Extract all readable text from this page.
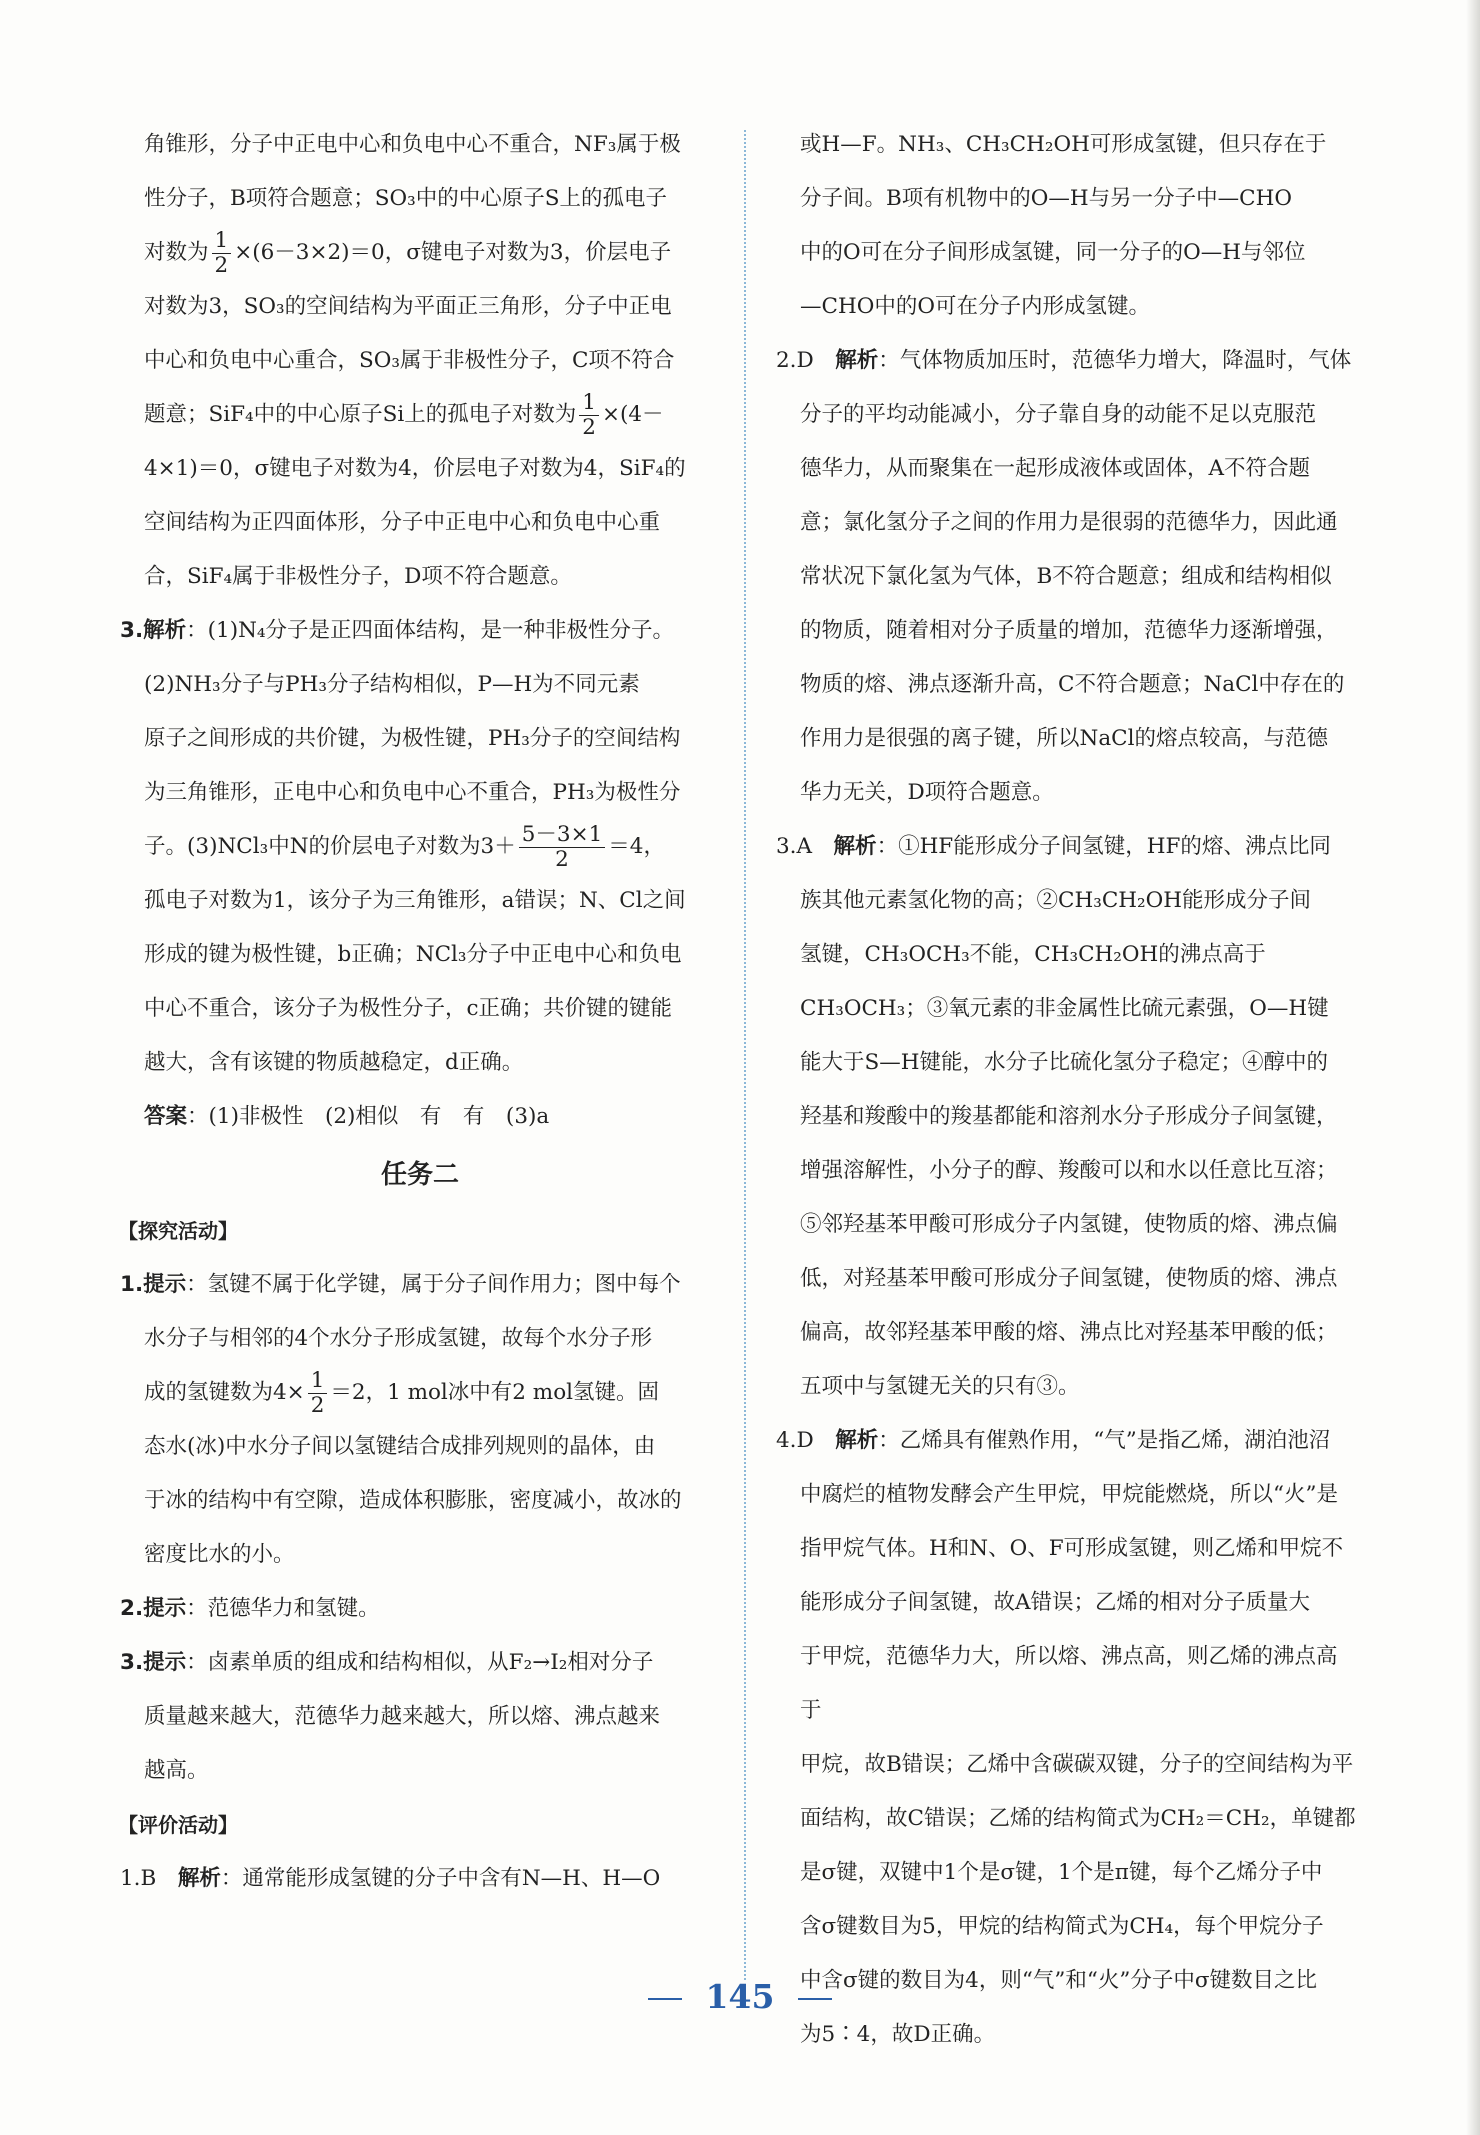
角锥形，分子中正电中心和负电中心不重合，NF₃属于极

性分子，B项符合题意；SO₃中的中心原子S上的孤电子

对数为 $\frac{1}{2} \times(6-3\times 2)=0$，σ键电子对数为3，价层电子

对数为3，SO₃的空间结构为平面正三角形，分子中正电

中心和负电中心重合，SO₃属于非极性分子，C项不符合

题意；SiF₄中的中心原子Si上的孤电子对数为 $\frac{1}{2} \times(4-$

4×1)＝0，σ键电子对数为4，价层电子对数为4，SiF₄的

空间结构为正四面体形，分子中正电中心和负电中心重

合，SiF₄属于非极性分子，D项不符合题意。

3.解析：(1)N₄分子是正四面体结构，是一种非极性分子。

(2)NH₃分子与PH₃分子结构相似，P—H为不同元素

原子之间形成的共价键，为极性键，PH₃分子的空间结构

为三角锥形，正电中心和负电中心不重合，PH₃为极性分

子。(3)NCl₃中N的价层电子对数为$3+ \frac{5-3\times 1}{2} =4$，

孤电子对数为1，该分子为三角锥形，a错误；N、Cl之间

形成的键为极性键，b正确；NCl₃分子中正电中心和负电

中心不重合，该分子为极性分子，c正确；共价键的键能

越大，含有该键的物质越稳定，d正确。

答案：(1)非极性　(2)相似　有　有　(3)a

任务二

【探究活动】

1.提示：氢键不属于化学键，属于分子间作用力；图中每个

水分子与相邻的4个水分子形成氢键，故每个水分子形

成的氢键数为$4\times \frac{1}{2} =2$，1 mol冰中有2 mol氢键。固

态水(冰)中水分子间以氢键结合成排列规则的晶体，由

于冰的结构中有空隙，造成体积膨胀，密度减小，故冰的

密度比水的小。

2.提示：范德华力和氢键。

3.提示：卤素单质的组成和结构相似，从F₂→I₂相对分子

质量越来越大，范德华力越来越大，所以熔、沸点越来

越高。

【评价活动】

1.B　解析：通常能形成氢键的分子中含有N—H、H—O

或H—F。NH₃、CH₃CH₂OH可形成氢键，但只存在于

分子间。B项有机物中的O—H与另一分子中—CHO

中的O可在分子间形成氢键，同一分子的O—H与邻位

—CHO中的O可在分子内形成氢键。

2.D　解析：气体物质加压时，范德华力增大，降温时，气体

分子的平均动能减小，分子靠自身的动能不足以克服范

德华力，从而聚集在一起形成液体或固体，A不符合题

意；氯化氢分子之间的作用力是很弱的范德华力，因此通

常状况下氯化氢为气体，B不符合题意；组成和结构相似

的物质，随着相对分子质量的增加，范德华力逐渐增强，

物质的熔、沸点逐渐升高，C不符合题意；NaCl中存在的

作用力是很强的离子键，所以NaCl的熔点较高，与范德

华力无关，D项符合题意。

3.A　解析：①HF能形成分子间氢键，HF的熔、沸点比同

族其他元素氢化物的高；②CH₃CH₂OH能形成分子间

氢键，CH₃OCH₃不能，CH₃CH₂OH的沸点高于

CH₃OCH₃；③氧元素的非金属性比硫元素强，O—H键

能大于S—H键能，水分子比硫化氢分子稳定；④醇中的

羟基和羧酸中的羧基都能和溶剂水分子形成分子间氢键，

增强溶解性，小分子的醇、羧酸可以和水以任意比互溶；

⑤邻羟基苯甲酸可形成分子内氢键，使物质的熔、沸点偏

低，对羟基苯甲酸可形成分子间氢键，使物质的熔、沸点

偏高，故邻羟基苯甲酸的熔、沸点比对羟基苯甲酸的低；

五项中与氢键无关的只有③。

4.D　解析：乙烯具有催熟作用，“气”是指乙烯，湖泊池沼

中腐烂的植物发酵会产生甲烷，甲烷能燃烧，所以“火”是

指甲烷气体。H和N、O、F可形成氢键，则乙烯和甲烷不

能形成分子间氢键，故A错误；乙烯的相对分子质量大

于甲烷，范德华力大，所以熔、沸点高，则乙烯的沸点高于

甲烷，故B错误；乙烯中含碳碳双键，分子的空间结构为平

面结构，故C错误；乙烯的结构简式为CH₂＝CH₂，单键都

是σ键，双键中1个是σ键，1个是π键，每个乙烯分子中

含σ键数目为5，甲烷的结构简式为CH₄，每个甲烷分子

中含σ键的数目为4，则“气”和“火”分子中σ键数目之比

为5∶4，故D正确。

145
